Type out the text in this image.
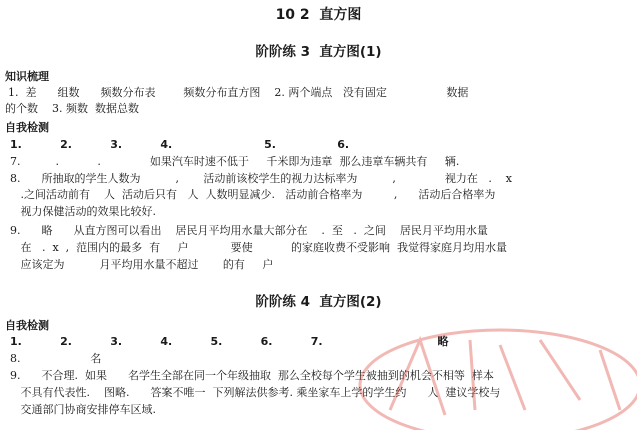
10 2  直方图
阶阶练 3  直方图(1)
知识梳理
1.  差      组数      频数分布表        频数分布直方图    2. 两个端点   没有固定                 数据
的个数    3. 频数  数据总数
自我检测
1.          2.          3.          4.                        5.                6.
7.          .           .              如果汽车时速不低于     千米即为违章  那么违章车辆共有     辆.
8.      所抽取的学生人数为          ,       活动前该校学生的视力达标率为          ,              视力在   .    x
.之间活动前有    人  活动后只有   人  人数明显减少.   活动前合格率为         ,      活动后合格率为
视力保健活动的效果比较好.
9.      略      从直方图可以看出    居民月平均用水量大部分在    .  至   .  之间    居民月平均用水量
在   .  x  ,  范围内的最多  有     户            要使           的家庭收费不受影响  我觉得家庭月均用水量
应该定为          月平均用水量不超过       的有     户
阶阶练 4  直方图(2)
自我检测
1.          2.          3.          4.          5.          6.          7.                              略
8.                    名
9.      不合理.  如果      名学生全部在同一个年级抽取  那么全校每个学生被抽到的机会不相等  样本
不具有代表性.    图略.      答案不唯一  下列解法供参考. 乘坐家车上学的学生约      人  建议学校与
交通部门协商安排停车区域.
